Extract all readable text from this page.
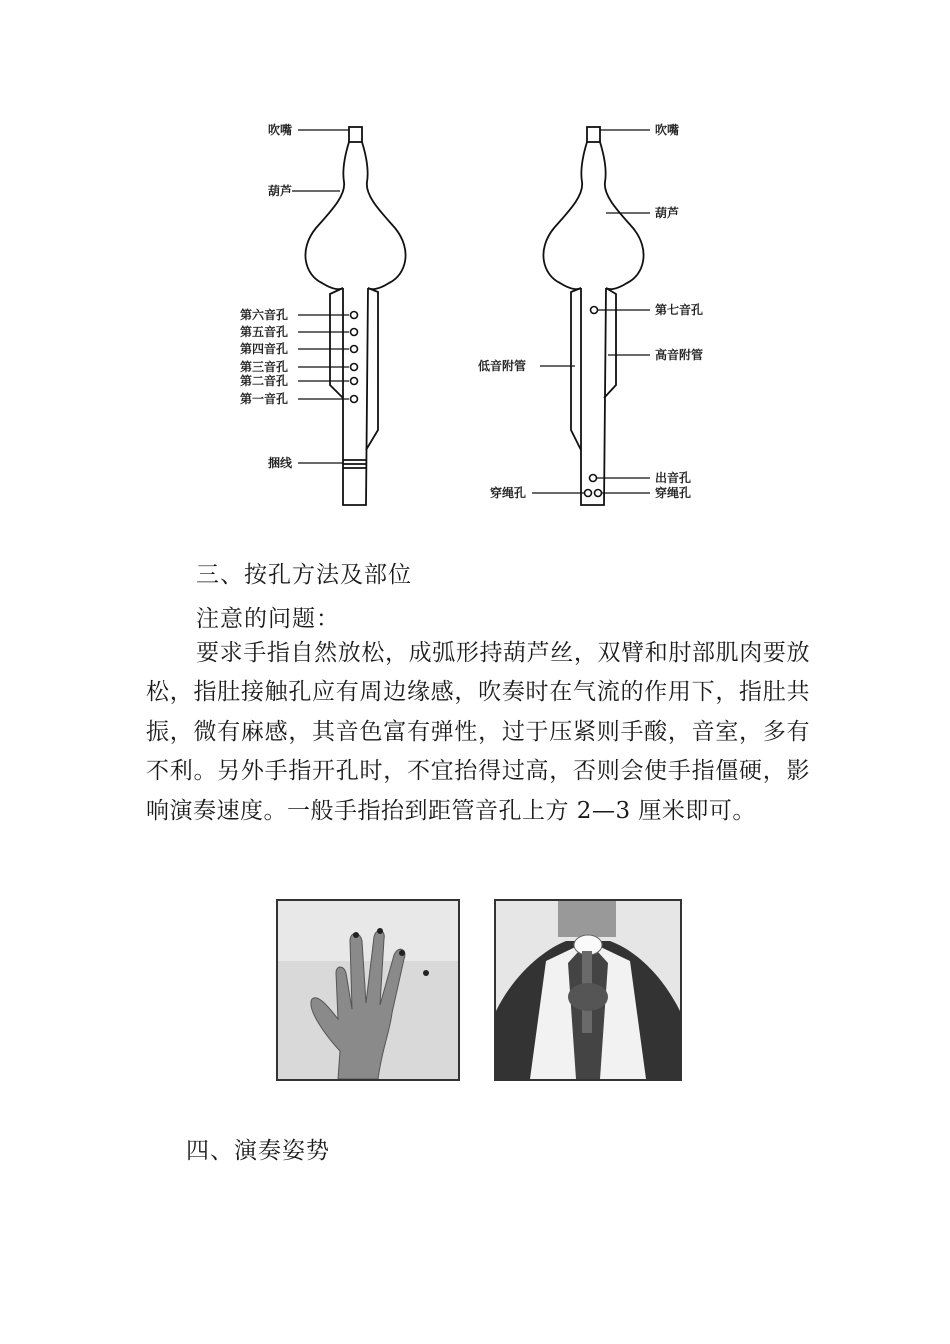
吹嘴
葫芦
第六音孔
第五音孔
第四音孔
第三音孔
第二音孔
第一音孔
捆线
吹嘴
葫芦
第七音孔
高音附管
低音附管
出音孔
穿绳孔	穿绳孔
三、按孔方法及部位
注意的问题：

要求手指自然放松，成弧形持葫芦丝，双臂和肘部肌肉要放松，指肚接触孔应有周边缘感，吹奏时在气流的作用下，指肚共振，微有麻感，其音色富有弹性，过于压紧则手酸，音室，多有不利。另外手指开孔时，不宜抬得过高，否则会使手指僵硬，影响演奏速度。一般手指抬到距管音孔上方 2—3 厘米即可。

四、演奏姿势
